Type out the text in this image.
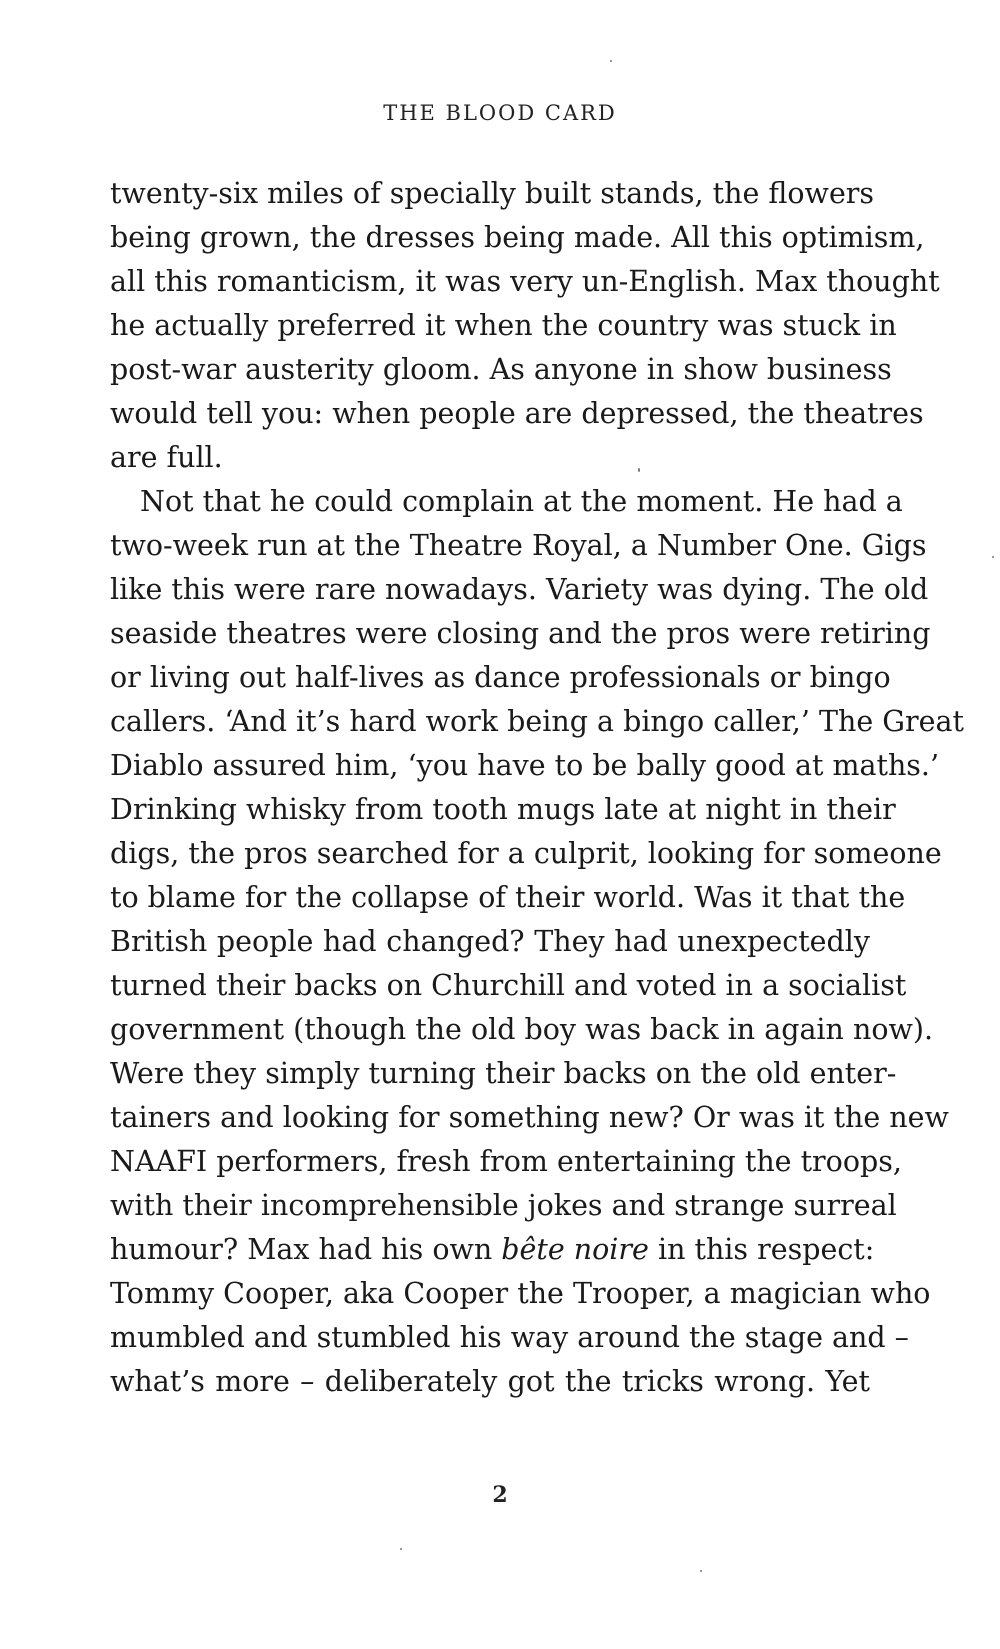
THE BLOOD CARD
twenty-six miles of specially built stands, the flowers
being grown, the dresses being made. All this optimism,
all this romanticism, it was very un-English. Max thought
he actually preferred it when the country was stuck in
post-war austerity gloom. As anyone in show business
would tell you: when people are depressed, the theatres
are full.
Not that he could complain at the moment. He had a
two-week run at the Theatre Royal, a Number One. Gigs
like this were rare nowadays. Variety was dying. The old
seaside theatres were closing and the pros were retiring
or living out half-lives as dance professionals or bingo
callers. ‘And it’s hard work being a bingo caller,’ The Great
Diablo assured him, ‘you have to be bally good at maths.’
Drinking whisky from tooth mugs late at night in their
digs, the pros searched for a culprit, looking for someone
to blame for the collapse of their world. Was it that the
British people had changed? They had unexpectedly
turned their backs on Churchill and voted in a socialist
government (though the old boy was back in again now).
Were they simply turning their backs on the old enter-
tainers and looking for something new? Or was it the new
NAAFI performers, fresh from entertaining the troops,
with their incomprehensible jokes and strange surreal
humour? Max had his own bête noire in this respect:
Tommy Cooper, aka Cooper the Trooper, a magician who
mumbled and stumbled his way around the stage and –
what’s more – deliberately got the tricks wrong. Yet
2
